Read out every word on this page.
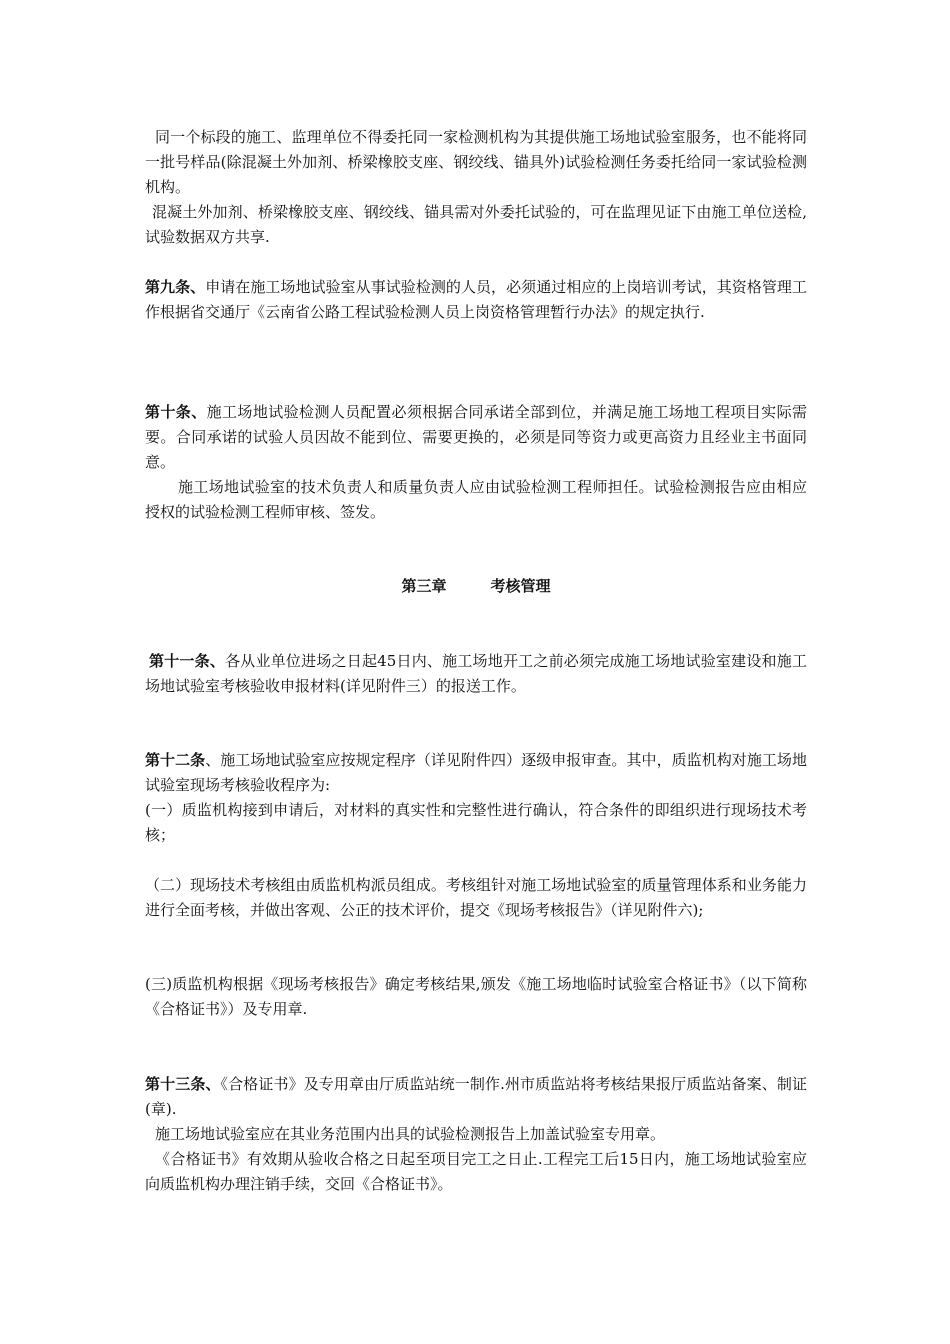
同一个标段的施工、监理单位不得委托同一家检测机构为其提供施工场地试验室服务，也不能将同一批号样品(除混凝土外加剂、桥梁橡胶支座、钢绞线、锚具外)试验检测任务委托给同一家试验检测机构。

混凝土外加剂、桥梁橡胶支座、钢绞线、锚具需对外委托试验的，可在监理见证下由施工单位送检,试验数据双方共享.

第九条、申请在施工场地试验室从事试验检测的人员，必须通过相应的上岗培训考试，其资格管理工作根据省交通厅《云南省公路工程试验检测人员上岗资格管理暂行办法》的规定执行.

第十条、施工场地试验检测人员配置必须根据合同承诺全部到位，并满足施工场地工程项目实际需要。合同承诺的试验人员因故不能到位、需要更换的，必须是同等资力或更高资力且经业主书面同意。

施工场地试验室的技术负责人和质量负责人应由试验检测工程师担任。试验检测报告应由相应授权的试验检测工程师审核、签发。

第三章	考核管理

第十一条、各从业单位进场之日起45日内、施工场地开工之前必须完成施工场地试验室建设和施工场地试验室考核验收申报材料(详见附件三）的报送工作。

第十二条、施工场地试验室应按规定程序（详见附件四）逐级申报审查。其中，质监机构对施工场地试验室现场考核验收程序为:

(一）质监机构接到申请后，对材料的真实性和完整性进行确认，符合条件的即组织进行现场技术考核；

（二）现场技术考核组由质监机构派员组成。考核组针对施工场地试验室的质量管理体系和业务能力进行全面考核，并做出客观、公正的技术评价，提交《现场考核报告》（详见附件六);

(三)质监机构根据《现场考核报告》确定考核结果,颁发《施工场地临时试验室合格证书》（以下简称《合格证书》）及专用章.

第十三条、《合格证书》及专用章由厅质监站统一制作.州市质监站将考核结果报厅质监站备案、制证(章).

施工场地试验室应在其业务范围内出具的试验检测报告上加盖试验室专用章。

《合格证书》有效期从验收合格之日起至项目完工之日止.工程完工后15日内，施工场地试验室应向质监机构办理注销手续，交回《合格证书》。
